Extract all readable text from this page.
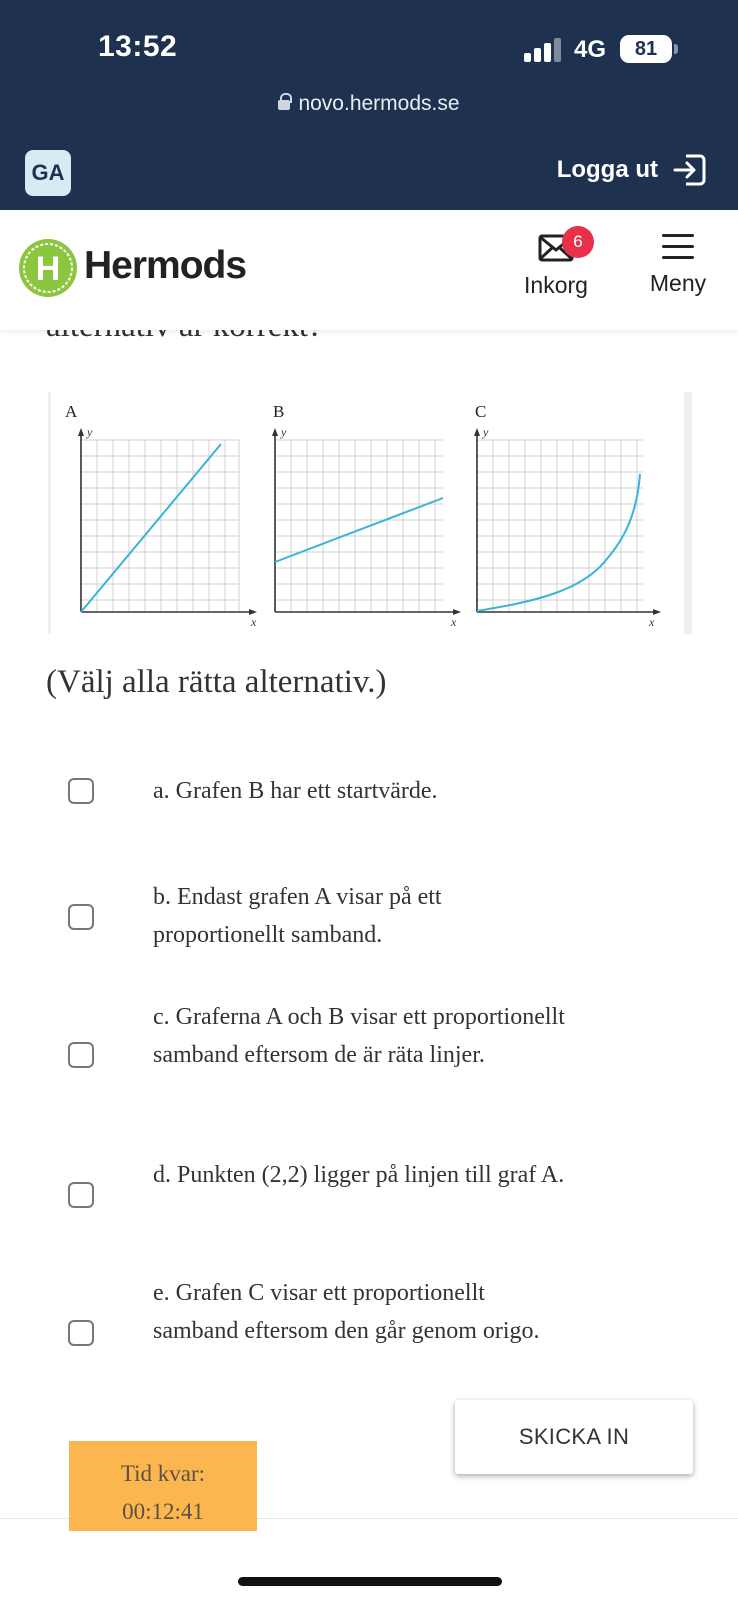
13:52	4G	81
novo.hermods.se
GA	Logga ut
H Hermods
6
Inkorg	Meny
A
y
x
B
y
x
C
y
x
(Välj alla rätta alternativ.)
a. Grafen B har ett startvärde.
b. Endast grafen A visar på ett proportionellt samband.
c. Graferna A och B visar ett proportionellt samband eftersom de är räta linjer.
d. Punkten (2,2) ligger på linjen till graf A.
e. Grafen C visar ett proportionellt samband eftersom den går genom origo.
SKICKA IN
Tid kvar:
00:12:41
